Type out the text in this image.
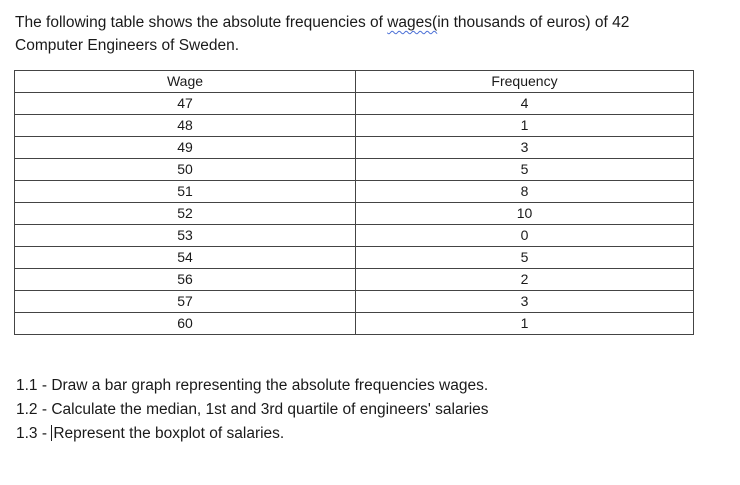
The following table shows the absolute frequencies of wages(in thousands of euros) of 42
Computer Engineers of Sweden.
Wage	Frequency
47	4
48	1
49	3
50	5
51	8
52	10
53	0
54	5
56	2
57	3
60	1
1.1 - Draw a bar graph representing the absolute frequencies wages.
1.2 - Calculate the median, 1st and 3rd quartile of engineers' salaries
1.3 - Represent the boxplot of salaries.
